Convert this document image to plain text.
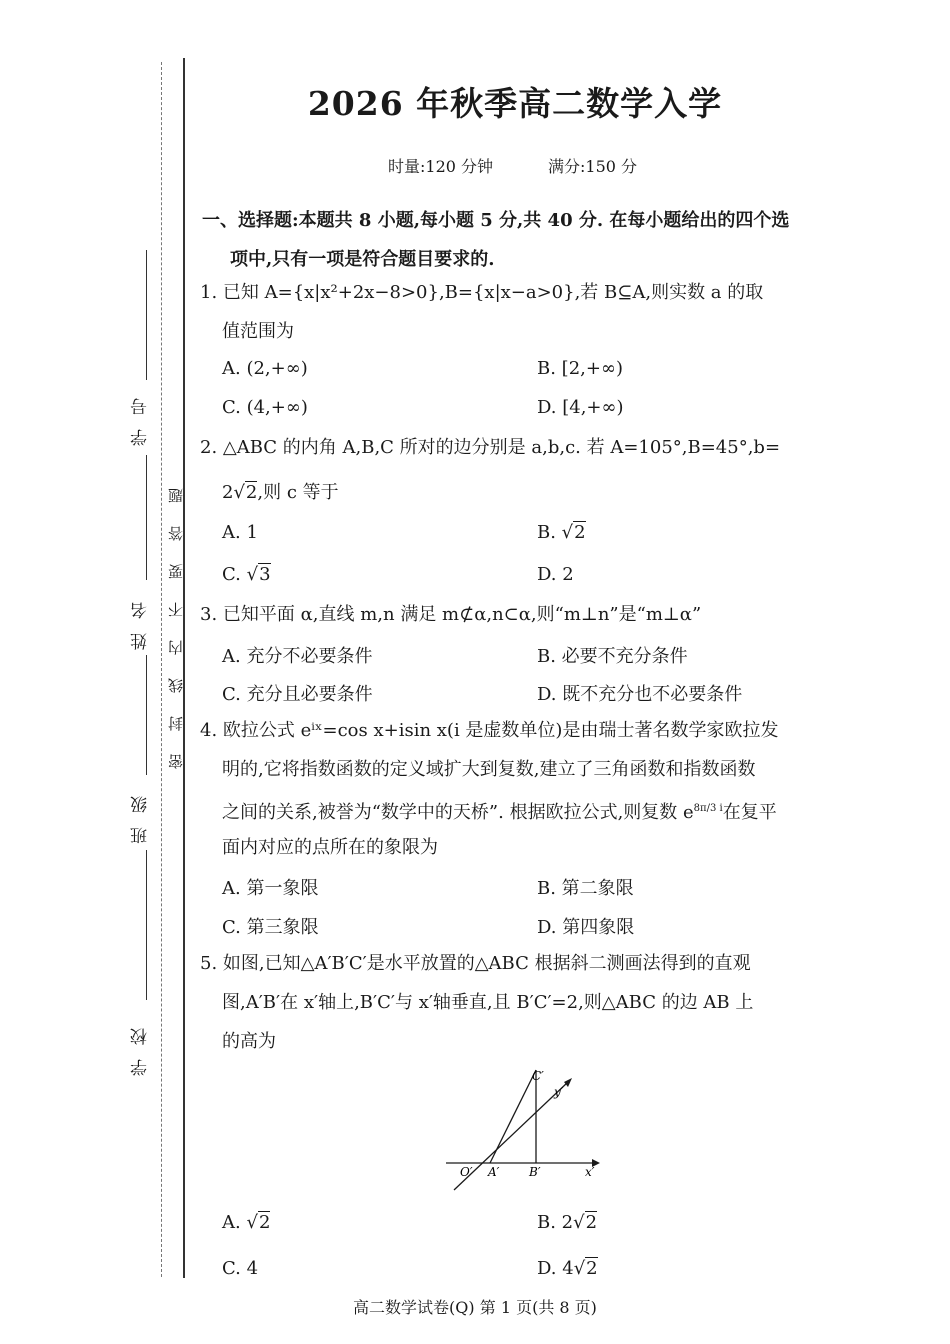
学号
姓名
班级
学校
密封线内不要答题
2026 年秋季高二数学入学
时量:120 分钟	满分:150 分
一、选择题:本题共 8 小题,每小题 5 分,共 40 分. 在每小题给出的四个选
项中,只有一项是符合题目要求的.
1. 已知 A={x|x²+2x−8>0},B={x|x−a>0},若 B⊆A,则实数 a 的取
值范围为
A. (2,+∞)	B. [2,+∞)
C. (4,+∞)	D. [4,+∞)
2. △ABC 的内角 A,B,C 所对的边分别是 a,b,c. 若 A=105°,B=45°,b=
2√2,则 c 等于
A. 1	B. √2
C. √3	D. 2
3. 已知平面 α,直线 m,n 满足 m⊄α,n⊂α,则“m⊥n”是“m⊥α”
A. 充分不必要条件	B. 必要不充分条件
C. 充分且必要条件	D. 既不充分也不必要条件
4. 欧拉公式 eⁱˣ=cos x+isin x(i 是虚数单位)是由瑞士著名数学家欧拉发
明的,它将指数函数的定义域扩大到复数,建立了三角函数和指数函数
之间的关系,被誉为“数学中的天桥”. 根据欧拉公式,则复数 $e^{8\pi/3 i}$在复平
面内对应的点所在的象限为
A. 第一象限	B. 第二象限
C. 第三象限	D. 第四象限
5. 如图,已知△A′B′C′是水平放置的△ABC 根据斜二测画法得到的直观
图,A′B′在 x′轴上,B′C′与 x′轴垂直,且 B′C′=2,则△ABC 的边 AB 上
的高为
A. √2	B. 2√2
C. 4	D. 4√2
C′
y′
O′ A′ B′	x′
高二数学试卷(Q) 第 1 页(共 8 页)
